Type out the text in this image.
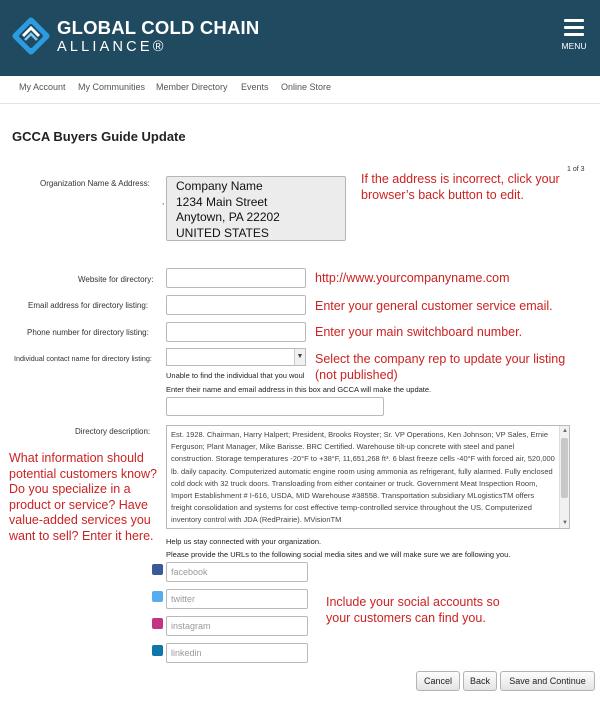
GLOBAL COLD CHAIN
ALLIANCE®	MENU
My Account My Communities Member Directory Events Online Store
GCCA Buyers Guide Update
1 of 3
Organization Name & Address:
,
Company Name
1234 Main Street
Anytown, PA 22202
UNITED STATES
If the address is incorrect, click your browser’s back button to edit.
Website for directory:	http://www.yourcompanyname.com
Email address for directory listing:	Enter your general customer service email.
Phone number for directory listing:	Enter your main switchboard number.
Individual contact name for directory listing:	▼ Select the company rep to update your listing
(not published)
Unable to find the individual that you woul
Enter their name and email address in this box and GCCA will make the update.
Directory description:	Est. 1928. Chairman, Harry Halpert; President, Brooks Royster; Sr. VP Operations, Ken Johnson; VP Sales, Ernie Ferguson; Plant Manager, Mike Barisse. BRC Certified. Warehouse tilt-up concrete with steel and panel construction. Storage temperatures -20°F to +38°F, 11,651,268 ft³. 6 blast freeze cells -40°F with forced air, 520,000 lb. daily capacity. Computerized automatic engine room using ammonia as refrigerant, fully alarmed. Fully enclosed cold dock with 32 truck doors. Transloading from either container or truck. Government Meat Inspection Room, Import Establishment # I-616, USDA, MID Warehouse #38558. Transportation subsidiary MLogisticsTM offers freight consolidation and systems for cost effective temp-controlled service throughout the US. Computerized inventory control with JDA (RedPrairie). MVisionTM
▲
▼
What information should potential customers know? Do you specialize in a product or service? Have value-added services you want to sell? Enter it here.	Help us stay connected with your organization.
Please provide the URLs to the following social media sites and we will make sure we are following you.
facebook
twitter
instagram
linkedin
Include your social accounts so your customers can find you.
Cancel	Back	Save and Continue
